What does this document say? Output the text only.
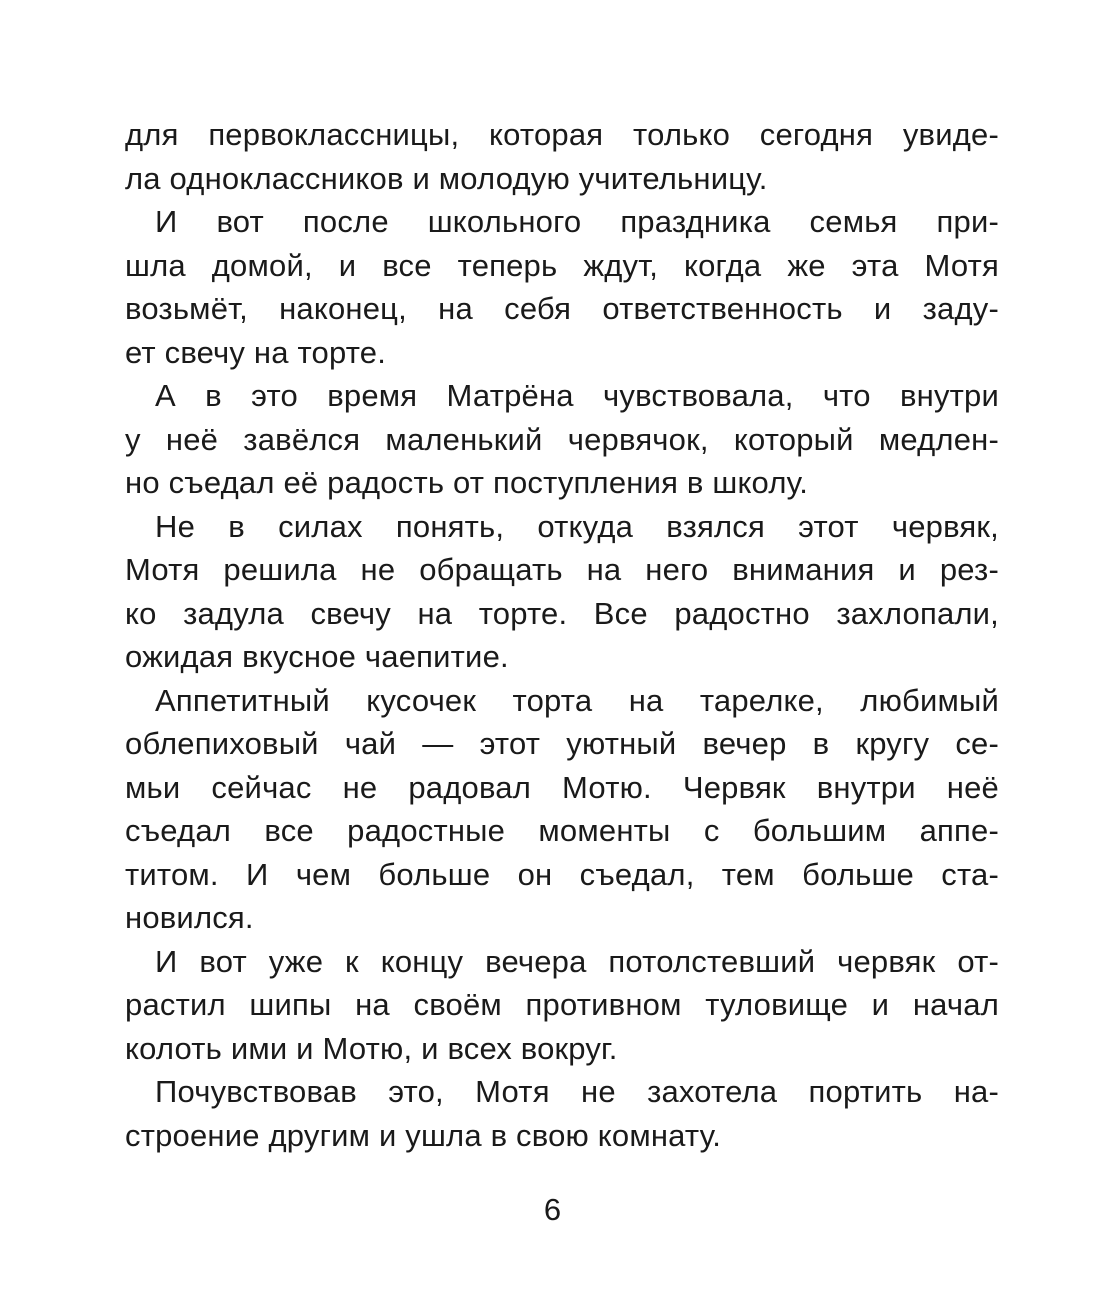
для первоклассницы, которая только сегодня увиде-
ла одноклассников и молодую учительницу.
И вот после школьного праздника семья при-
шла домой, и все теперь ждут, когда же эта Мотя
возьмёт, наконец, на себя ответственность и заду-
ет свечу на торте.
А в это время Матрёна чувствовала, что внутри
у неё завёлся маленький червячок, который медлен-
но съедал её радость от поступления в школу.
Не в силах понять, откуда взялся этот червяк,
Мотя решила не обращать на него внимания и рез-
ко задула свечу на торте. Все радостно захлопали,
ожидая вкусное чаепитие.
Аппетитный кусочек торта на тарелке, любимый
облепиховый чай — этот уютный вечер в кругу се-
мьи сейчас не радовал Мотю. Червяк внутри неё
съедал все радостные моменты с большим аппе-
титом. И чем больше он съедал, тем больше ста-
новился.
И вот уже к концу вечера потолстевший червяк от-
растил шипы на своём противном туловище и начал
колоть ими и Мотю, и всех вокруг.
Почувствовав это, Мотя не захотела портить на-
строение другим и ушла в свою комнату.
6
